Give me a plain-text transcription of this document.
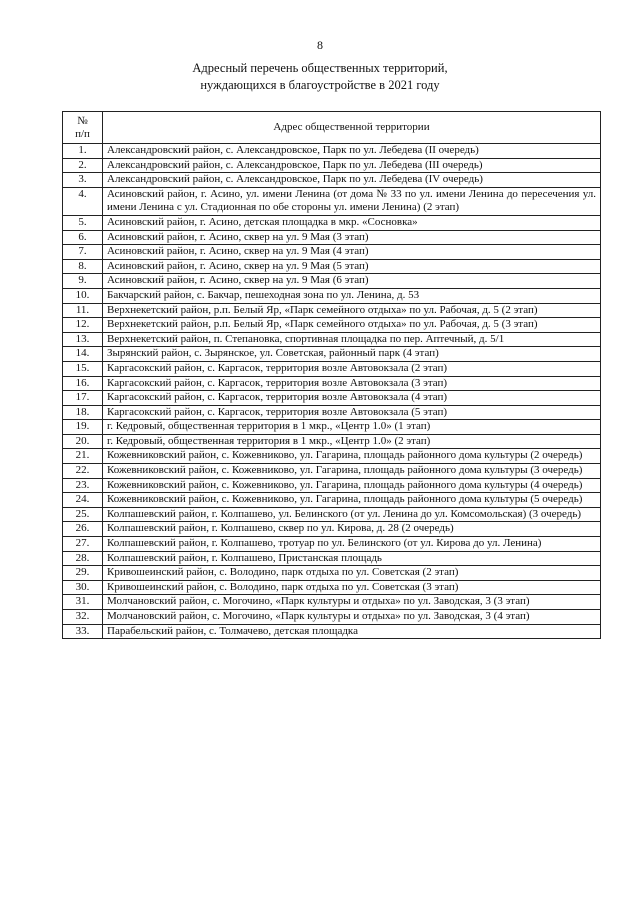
8
Адресный перечень общественных территорий,
нуждающихся в благоустройстве в 2021 году
№
п/п	Адрес общественной территории
1.	Александровский район, с. Александровское, Парк по ул. Лебедева (II очередь)
2.	Александровский район, с. Александровское, Парк по ул. Лебедева (III очередь)
3.	Александровский район, с. Александровское, Парк по ул. Лебедева (IV очередь)
4.	Асиновский район, г. Асино, ул. имени Ленина (от дома № 33 по ул. имени Ленина до пересечения ул. имени Ленина с ул. Стадионная по обе стороны ул. имени Ленина) (2 этап)
5.	Асиновский район, г. Асино, детская площадка в мкр. «Сосновка»
6.	Асиновский район, г. Асино, сквер на ул. 9 Мая (3 этап)
7.	Асиновский район, г. Асино, сквер на ул. 9 Мая (4 этап)
8.	Асиновский район, г. Асино, сквер на ул. 9 Мая (5 этап)
9.	Асиновский район, г. Асино, сквер на ул. 9 Мая (6 этап)
10.	Бакчарский район, с. Бакчар, пешеходная зона по ул. Ленина, д. 53
11.	Верхнекетский район, р.п. Белый Яр, «Парк семейного отдыха» по ул. Рабочая, д. 5 (2 этап)
12.	Верхнекетский район, р.п. Белый Яр, «Парк семейного отдыха» по ул. Рабочая, д. 5 (3 этап)
13.	Верхнекетский район, п. Степановка, спортивная площадка по пер. Аптечный, д. 5/1
14.	Зырянский район, с. Зырянское, ул. Советская, районный парк (4 этап)
15.	Каргасокский район, с. Каргасок, территория возле Автовокзала (2 этап)
16.	Каргасокский район, с. Каргасок, территория возле Автовокзала (3 этап)
17.	Каргасокский район, с. Каргасок, территория возле Автовокзала (4 этап)
18.	Каргасокский район, с. Каргасок, территория возле Автовокзала (5 этап)
19.	г. Кедровый, общественная территория в 1 мкр., «Центр 1.0» (1 этап)
20.	г. Кедровый, общественная территория в 1 мкр., «Центр 1.0» (2 этап)
21.	Кожевниковский район, с. Кожевниково, ул. Гагарина, площадь районного дома культуры (2 очередь)
22.	Кожевниковский район, с. Кожевниково, ул. Гагарина, площадь районного дома культуры (3 очередь)
23.	Кожевниковский район, с. Кожевниково, ул. Гагарина, площадь районного дома культуры (4 очередь)
24.	Кожевниковский район, с. Кожевниково, ул. Гагарина, площадь районного дома культуры (5 очередь)
25.	Колпашевский район, г. Колпашево, ул. Белинского (от ул. Ленина до ул. Комсомольская) (3 очередь)
26.	Колпашевский район, г. Колпашево, сквер по ул. Кирова, д. 28 (2 очередь)
27.	Колпашевский район, г. Колпашево, тротуар по ул. Белинского (от ул. Кирова до ул. Ленина)
28.	Колпашевский район, г. Колпашево, Пристанская площадь
29.	Кривошеинский район, с. Володино, парк отдыха по ул. Советская (2 этап)
30.	Кривошеинский район, с. Володино, парк отдыха по ул. Советская (3 этап)
31.	Молчановский район, с. Могочино, «Парк культуры и отдыха» по ул. Заводская, 3 (3 этап)
32.	Молчановский район, с. Могочино, «Парк культуры и отдыха» по ул. Заводская, 3 (4 этап)
33.	Парабельский район, с. Толмачево, детская площадка
